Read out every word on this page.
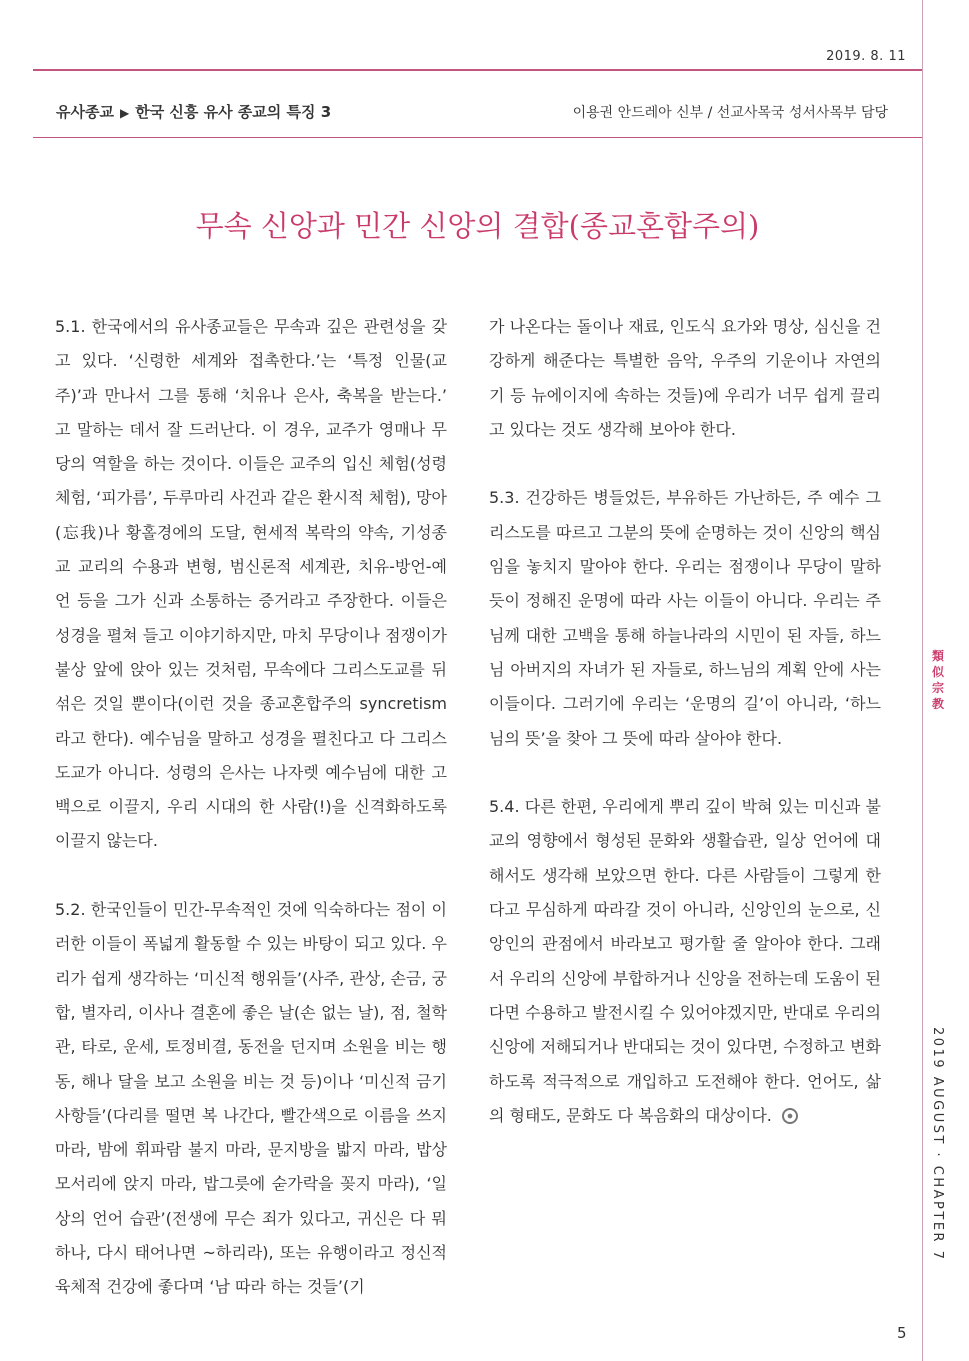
2019. 8. 11
유사종교 ▶ 한국 신흥 유사 종교의 특징 3	이용권 안드레아 신부 / 선교사목국 성서사목부 담당
무속 신앙과 민간 신앙의 결합(종교혼합주의)

5.1. 한국에서의 유사종교들은 무속과 깊은 관련성을 갖고 있다. ‘신령한 세계와 접촉한다.’는 ‘특정 인물(교주)’과 만나서 그를 통해 ‘치유나 은사, 축복을 받는다.’ 고 말하는 데서 잘 드러난다. 이 경우, 교주가 영매나 무당의 역할을 하는 것이다. 이들은 교주의 입신 체험(성령 체험, ‘피가름’, 두루마리 사건과 같은 환시적 체험), 망아(忘我)나 황홀경에의 도달, 현세적 복락의 약속, 기성종교 교리의 수용과 변형, 범신론적 세계관, 치유-방언-예언 등을 그가 신과 소통하는 증거라고 주장한다. 이들은 성경을 펼쳐 들고 이야기하지만, 마치 무당이나 점쟁이가 불상 앞에 앉아 있는 것처럼, 무속에다 그리스도교를 뒤섞은 것일 뿐이다(이런 것을 종교혼합주의 syncretism라고 한다). 예수님을 말하고 성경을 펼친다고 다 그리스도교가 아니다. 성령의 은사는 나자렛 예수님에 대한 고백으로 이끌지, 우리 시대의 한 사람(!)을 신격화하도록 이끌지 않는다.

5.2. 한국인들이 민간-무속적인 것에 익숙하다는 점이 이러한 이들이 폭넓게 활동할 수 있는 바탕이 되고 있다. 우리가 쉽게 생각하는 ‘미신적 행위들’(사주, 관상, 손금, 궁합, 별자리, 이사나 결혼에 좋은 날(손 없는 날), 점, 철학관, 타로, 운세, 토정비결, 동전을 던지며 소원을 비는 행동, 해나 달을 보고 소원을 비는 것 등)이나 ‘미신적 금기 사항들’(다리를 떨면 복 나간다, 빨간색으로 이름을 쓰지 마라, 밤에 휘파람 불지 마라, 문지방을 밟지 마라, 밥상 모서리에 앉지 마라, 밥그릇에 숟가락을 꽂지 마라), ‘일상의 언어 습관’(전생에 무슨 죄가 있다고, 귀신은 다 뭐하나, 다시 태어나면 ~하리라), 또는 유행이라고 정신적 육체적 건강에 좋다며 ‘남 따라 하는 것들’(기

가 나온다는 돌이나 재료, 인도식 요가와 명상, 심신을 건강하게 해준다는 특별한 음악, 우주의 기운이나 자연의 기 등 뉴에이지에 속하는 것들)에 우리가 너무 쉽게 끌리고 있다는 것도 생각해 보아야 한다.

5.3. 건강하든 병들었든, 부유하든 가난하든, 주 예수 그리스도를 따르고 그분의 뜻에 순명하는 것이 신앙의 핵심임을 놓치지 말아야 한다. 우리는 점쟁이나 무당이 말하듯이 정해진 운명에 따라 사는 이들이 아니다. 우리는 주님께 대한 고백을 통해 하늘나라의 시민이 된 자들, 하느님 아버지의 자녀가 된 자들로, 하느님의 계획 안에 사는 이들이다. 그러기에 우리는 ‘운명의 길’이 아니라, ‘하느님의 뜻’을 찾아 그 뜻에 따라 살아야 한다.

5.4. 다른 한편, 우리에게 뿌리 깊이 박혀 있는 미신과 불교의 영향에서 형성된 문화와 생활습관, 일상 언어에 대해서도 생각해 보았으면 한다. 다른 사람들이 그렇게 한다고 무심하게 따라갈 것이 아니라, 신앙인의 눈으로, 신앙인의 관점에서 바라보고 평가할 줄 알아야 한다. 그래서 우리의 신앙에 부합하거나 신앙을 전하는데 도움이 된다면 수용하고 발전시킬 수 있어야겠지만, 반대로 우리의 신앙에 저해되거나 반대되는 것이 있다면, 수정하고 변화하도록 적극적으로 개입하고 도전해야 한다. 언어도, 삶의 형태도, 문화도 다 복음화의 대상이다.

類
似
宗
教
2019 AUGUST · CHAPTER 7
5
